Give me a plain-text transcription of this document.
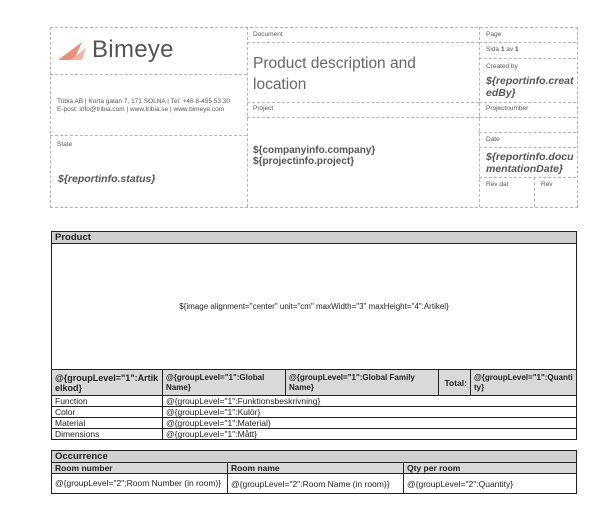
Bimeye
Tribia AB | Korta gatan 7, 171 SOLNA | Tel: +46 8-455 53 30
E-post: info@tribia.com | www.tribia.se | www.bimeye.com
State
${reportinfo.status}
Document
Product description and location
Project
${companyinfo.company}
${projectinfo.project}
Page
Sida 1 av 1
Created by
${reportinfo.createdBy}
Projectnumber
Date
${reportinfo.documentationDate}
Rev dat	Rev
Product				
${image alignment="center" unit="cm" maxWidth="3" maxHeight="4":Artikel}				
@{groupLevel="1":Artikelkod}	@{groupLevel="1":Global Name}	@{groupLevel="1":Global Family Name}	Total:	@{groupLevel="1":Quantity}
Function	@{groupLevel="1":Funktionsbeskrivning}			
Color	@{groupLevel="1":Kulör}			
Material	@{groupLevel="1":Material}			
Dimensions	@{groupLevel="1":Mått}			
Occurrence		
Room number	Room name	Qty per room
@{groupLevel="2":Room Number (in room)}	@{groupLevel="2":Room Name (in room)}	@{groupLevel="2":Quantity}
